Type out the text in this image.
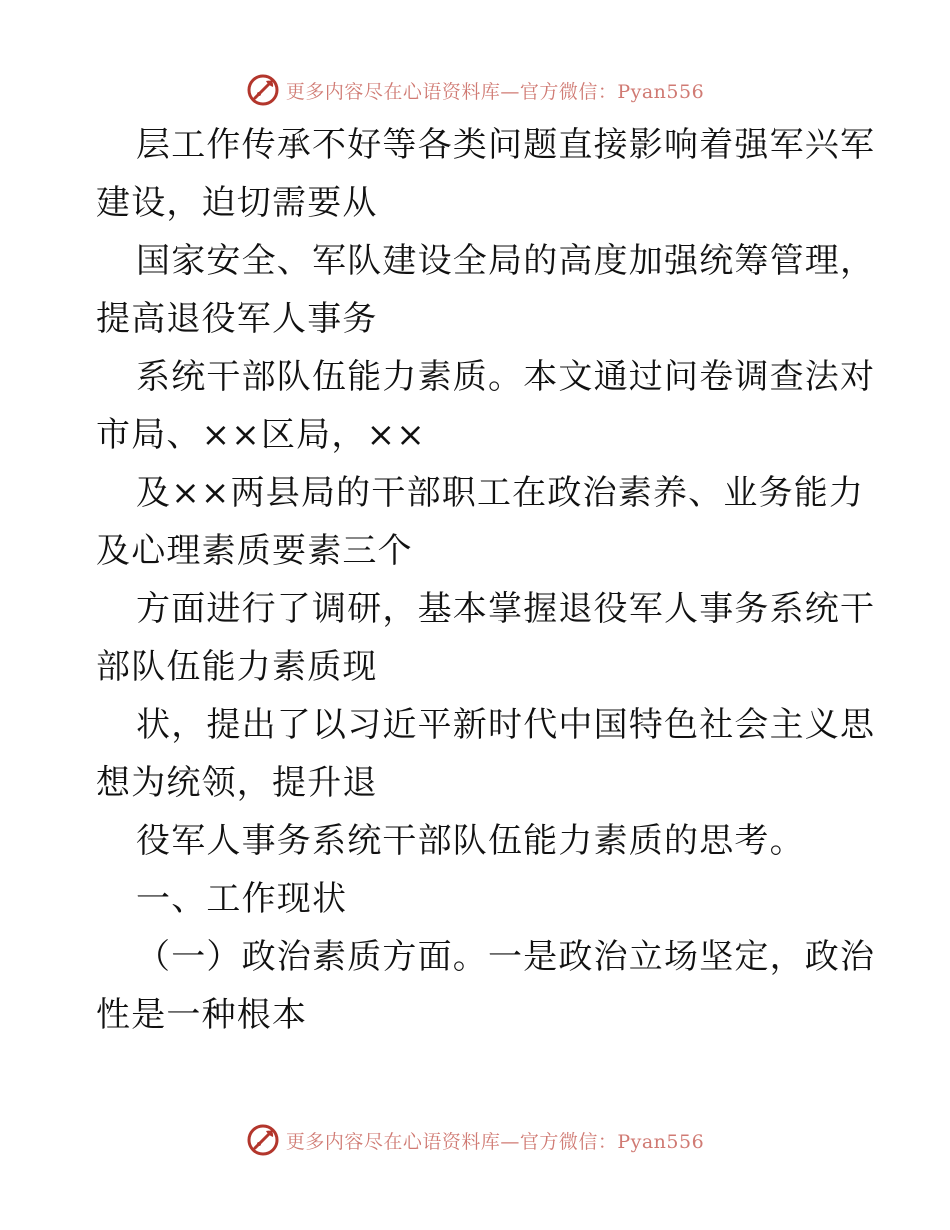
更多内容尽在心语资料库—官方微信：Pyan556
层工作传承不好等各类问题直接影响着强军兴军
建设，迫切需要从
国家安全、军队建设全局的高度加强统筹管理，
提高退役军人事务
系统干部队伍能力素质。本文通过问卷调查法对
市局、××区局，××
及××两县局的干部职工在政治素养、业务能力
及心理素质要素三个
方面进行了调研，基本掌握退役军人事务系统干
部队伍能力素质现
状，提出了以习近平新时代中国特色社会主义思
想为统领，提升退
役军人事务系统干部队伍能力素质的思考。
一、工作现状
（一）政治素质方面。一是政治立场坚定，政治
性是一种根本
更多内容尽在心语资料库—官方微信：Pyan556
